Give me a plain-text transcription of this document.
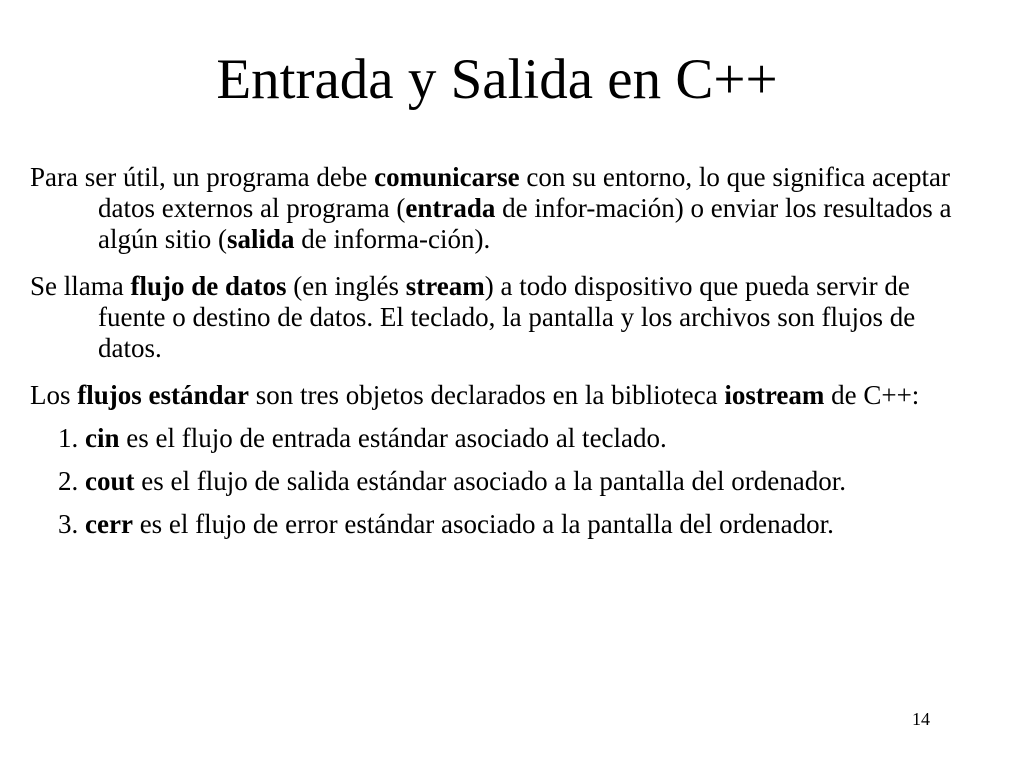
Entrada y Salida en C++

Para ser útil, un programa debe comunicarse con su entorno, lo que significa aceptar datos externos al programa (entrada de infor-mación) o enviar los resultados a algún sitio (salida de informa-ción).

Se llama flujo de datos (en inglés stream) a todo dispositivo que pueda servir de fuente o destino de datos. El teclado, la pantalla y los archivos son flujos de datos.

Los flujos estándar son tres objetos declarados en la biblioteca iostream de C++:

1. cin es el flujo de entrada estándar asociado al teclado.

2. cout es el flujo de salida estándar asociado a la pantalla del ordenador.

3. cerr es el flujo de error estándar asociado a la pantalla del ordenador.

14
